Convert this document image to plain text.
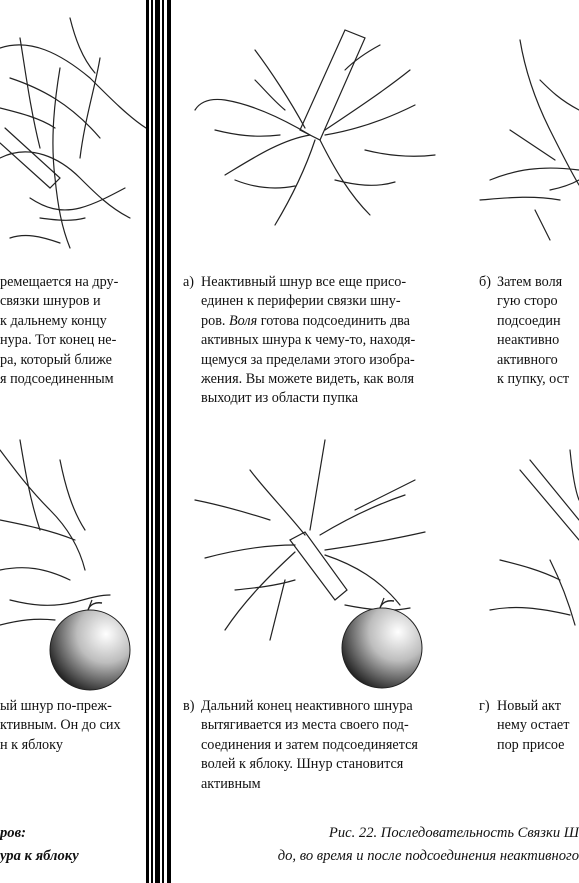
ремещается на дру-

связки шнуров и

к дальнему концу

нура. Тот конец не-

ра, который ближе

я подсоединенным

ый шнур по-преж-

ктивным. Он до сих

н к яблоку

ров:
ура к яблоку
а) Неактивный шнур все еще присо-

единен к периферии связки шну-

ров. Воля готова подсоединить два

активных шнура к чему-то, находя-

щемуся за пределами этого изобра-

жения. Вы можете видеть, как воля

выходит из области пупка

б) Затем воля

гую сторо

подсоедин

неактивно

активного

к пупку, ост

в) Дальний конец неактивного шнура

вытягивается из места своего под-

соединения и затем подсоединяется

волей к яблоку. Шнур становится

активным

г) Новый акт

нему остает

пор присое

Рис. 22. Последовательность Связки Ш
до, во время и после подсоединения неактивного
